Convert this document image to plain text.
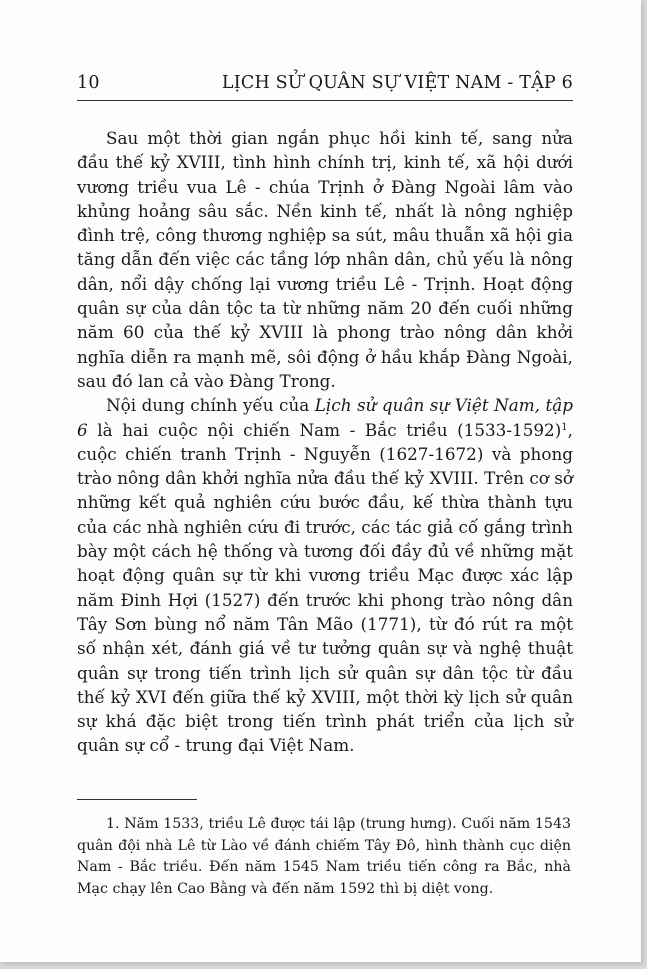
10	LỊCH SỬ QUÂN SỰ VIỆT NAM - TẬP 6

Sau một thời gian ngắn phục hồi kinh tế, sang nửa đầu thế kỷ XVIII, tình hình chính trị, kinh tế, xã hội dưới vương triều vua Lê - chúa Trịnh ở Đàng Ngoài lâm vào khủng hoảng sâu sắc. Nền kinh tế, nhất là nông nghiệp đình trệ, công thương nghiệp sa sút, mâu thuẫn xã hội gia tăng dẫn đến việc các tầng lớp nhân dân, chủ yếu là nông dân, nổi dậy chống lại vương triều Lê - Trịnh. Hoạt động quân sự của dân tộc ta từ những năm 20 đến cuối những năm 60 của thế kỷ XVIII là phong trào nông dân khởi nghĩa diễn ra mạnh mẽ, sôi động ở hầu khắp Đàng Ngoài, sau đó lan cả vào Đàng Trong.

Nội dung chính yếu của Lịch sử quân sự Việt Nam, tập 6 là hai cuộc nội chiến Nam - Bắc triều (1533-1592)$^1$, cuộc chiến tranh Trịnh - Nguyễn (1627-1672) và phong trào nông dân khởi nghĩa nửa đầu thế kỷ XVIII. Trên cơ sở những kết quả nghiên cứu bước đầu, kế thừa thành tựu của các nhà nghiên cứu đi trước, các tác giả cố gắng trình bày một cách hệ thống và tương đối đầy đủ về những mặt hoạt động quân sự từ khi vương triều Mạc được xác lập năm Đinh Hợi (1527) đến trước khi phong trào nông dân Tây Sơn bùng nổ năm Tân Mão (1771), từ đó rút ra một số nhận xét, đánh giá về tư tưởng quân sự và nghệ thuật quân sự trong tiến trình lịch sử quân sự dân tộc từ đầu thế kỷ XVI đến giữa thế kỷ XVIII, một thời kỳ lịch sử quân sự khá đặc biệt trong tiến trình phát triển của lịch sử quân sự cổ - trung đại Việt Nam.

1. Năm 1533, triều Lê được tái lập (trung hưng). Cuối năm 1543 quân đội nhà Lê từ Lào về đánh chiếm Tây Đô, hình thành cục diện Nam - Bắc triều. Đến năm 1545 Nam triều tiến công ra Bắc, nhà Mạc chạy lên Cao Bằng và đến năm 1592 thì bị diệt vong.
